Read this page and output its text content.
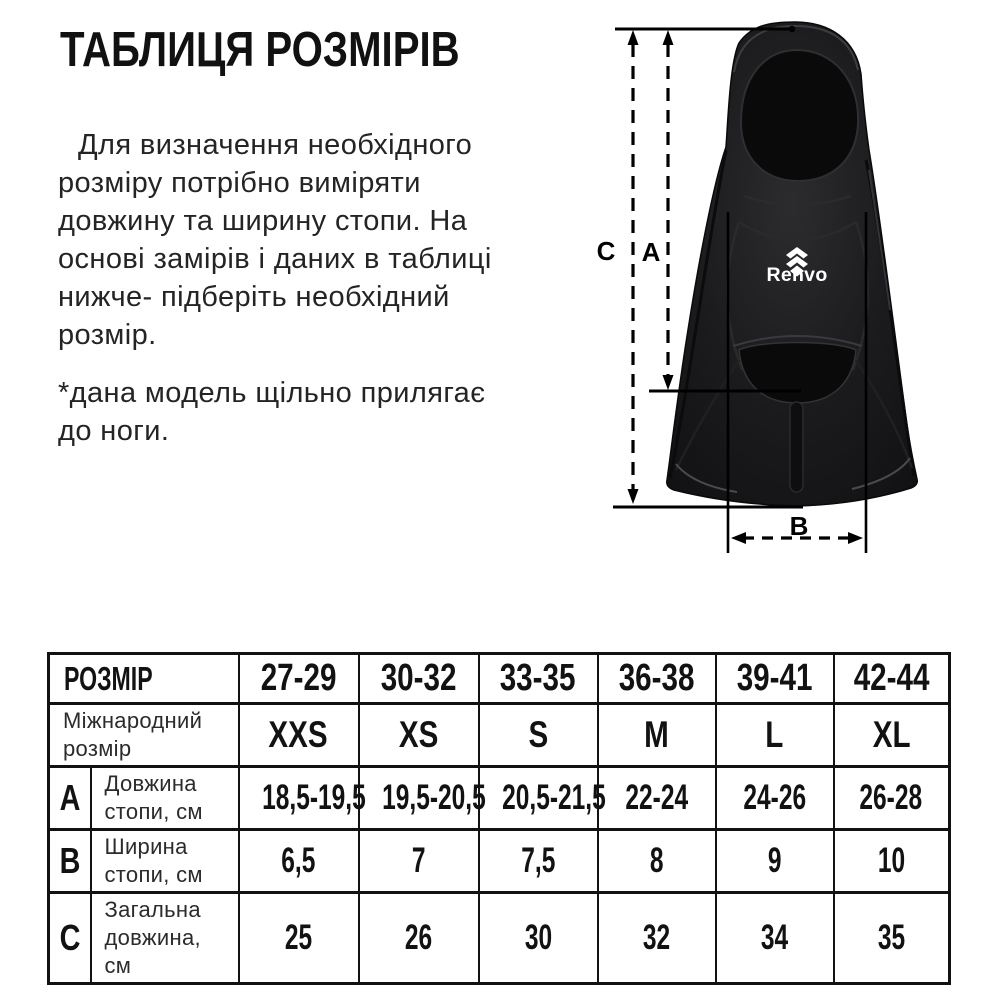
ТАБЛИЦЯ РОЗМІРІВ
Для визначення необхідного
розміру потрібно виміряти
довжину та ширину стопи. На
основі замірів і даних в таблиці
нижче- підберіть необхідний
розмір.
*дана модель щільно прилягає
до ноги.
Renvo
C A
B
РОЗМІР		27-29	30-32	33-35	36-38	39-41	42-44
Міжнародний розмір		XXS	XS	S	M	L	XL
A	Довжина стопи, см	18,5-19,5	19,5-20,5	20,5-21,5	22-24	24-26	26-28
B	Ширина стопи, см	6,5	7	7,5	8	9	10
C	Загальна довжина, см	25	26	30	32	34	35
